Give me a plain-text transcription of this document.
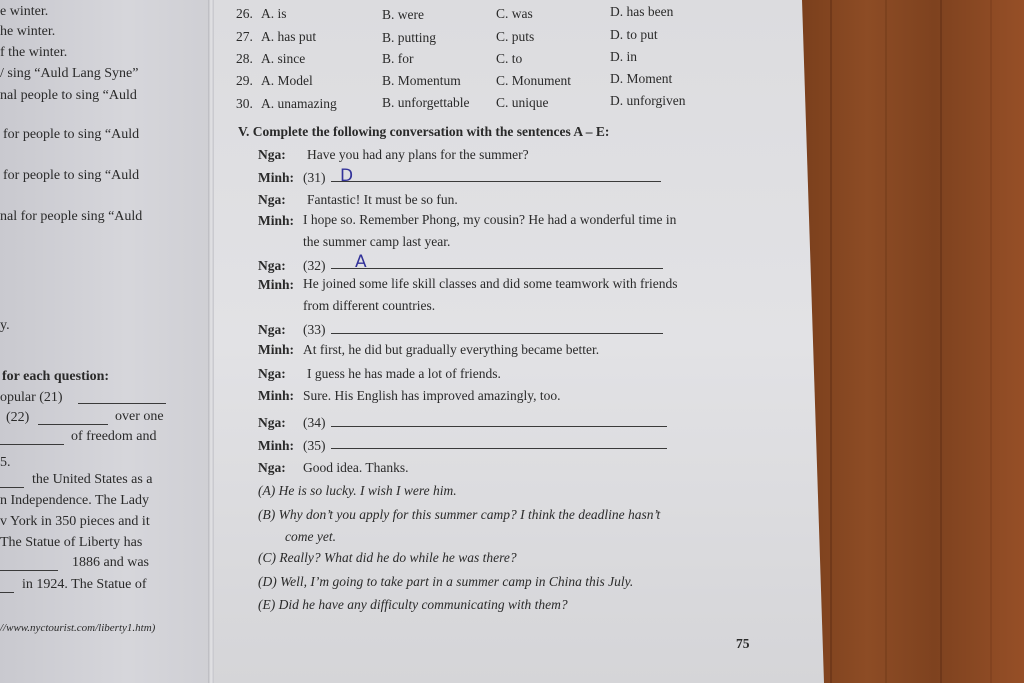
e winter.
he winter.
f the winter.
/ sing “Auld Lang Syne”
nal people to sing “Auld
for people to sing “Auld
for people to sing “Auld
nal for people sing “Auld
y.
for each question:
opular (21)
(22)	over one
of freedom and
5.
the United States as a
n Independence. The Lady
v York in 350 pieces and it
The Statue of Liberty has
1886 and was
in 1924. The Statue of
//www.nyctourist.com/liberty1.htm)
26. A. is	B. were	C. was	D. has been
27. A. has put	B. putting	C. puts	D. to put
28. A. since	B. for	C. to	D. in
29. A. Model	B. Momentum	C. Monument	D. Moment
30. A. unamazing	B. unforgettable C. unique	D. unforgiven
V. Complete the following conversation with the sentences A – E:
Nga: Have you had any plans for the summer?
Minh: (31) D
Nga: Fantastic! It must be so fun.
Minh: I hope so. Remember Phong, my cousin? He had a wonderful time in
the summer camp last year.
Nga: (32) A
Minh: He joined some life skill classes and did some teamwork with friends
from different countries.
Nga: (33)
Minh: At first, he did but gradually everything became better.
Nga: I guess he has made a lot of friends.
Minh: Sure. His English has improved amazingly, too.
Nga: (34)
Minh: (35)
Nga: Good idea. Thanks.
(A) He is so lucky. I wish I were him.
(B) Why don’t you apply for this summer camp? I think the deadline hasn’t
come yet.
(C) Really? What did he do while he was there?
(D) Well, I’m going to take part in a summer camp in China this July.
(E) Did he have any difficulty communicating with them?
75
